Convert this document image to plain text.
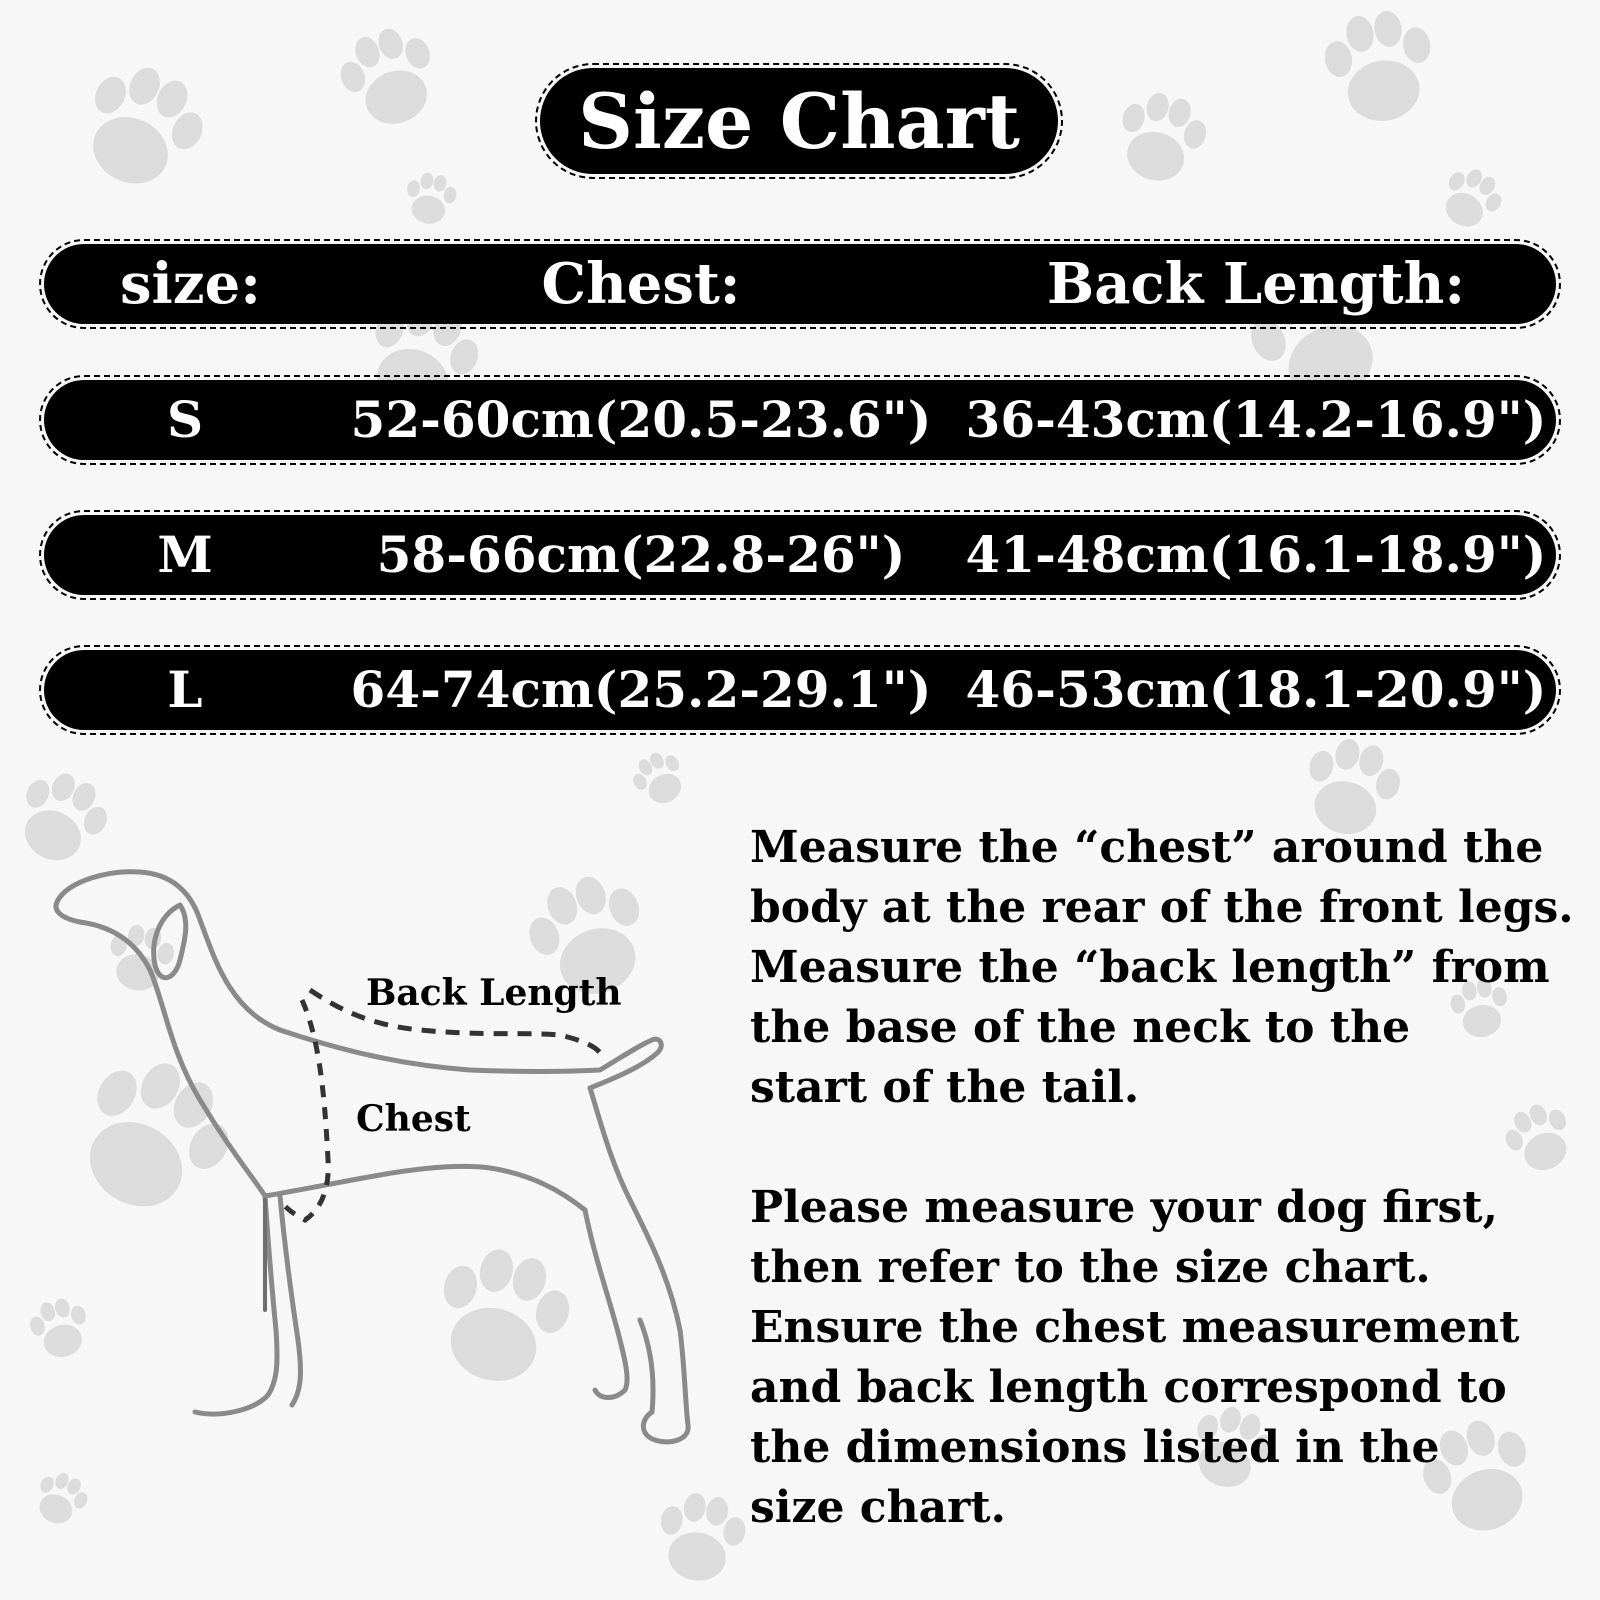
Size Chart
size:	Chest:	Back Length:
S	52-60cm(20.5-23.6") 36-43cm(14.2-16.9")
M	58-66cm(22.8-26")	41-48cm(16.1-18.9")
L	64-74cm(25.2-29.1") 46-53cm(18.1-20.9")
Back Length
Chest

Measure the “chest” around the
body at the rear of the front legs.
Measure the “back length” from
the base of the neck to the
start of the tail.

Please measure your dog first,
then refer to the size chart.
Ensure the chest measurement
and back length correspond to
the dimensions listed in the
size chart.
